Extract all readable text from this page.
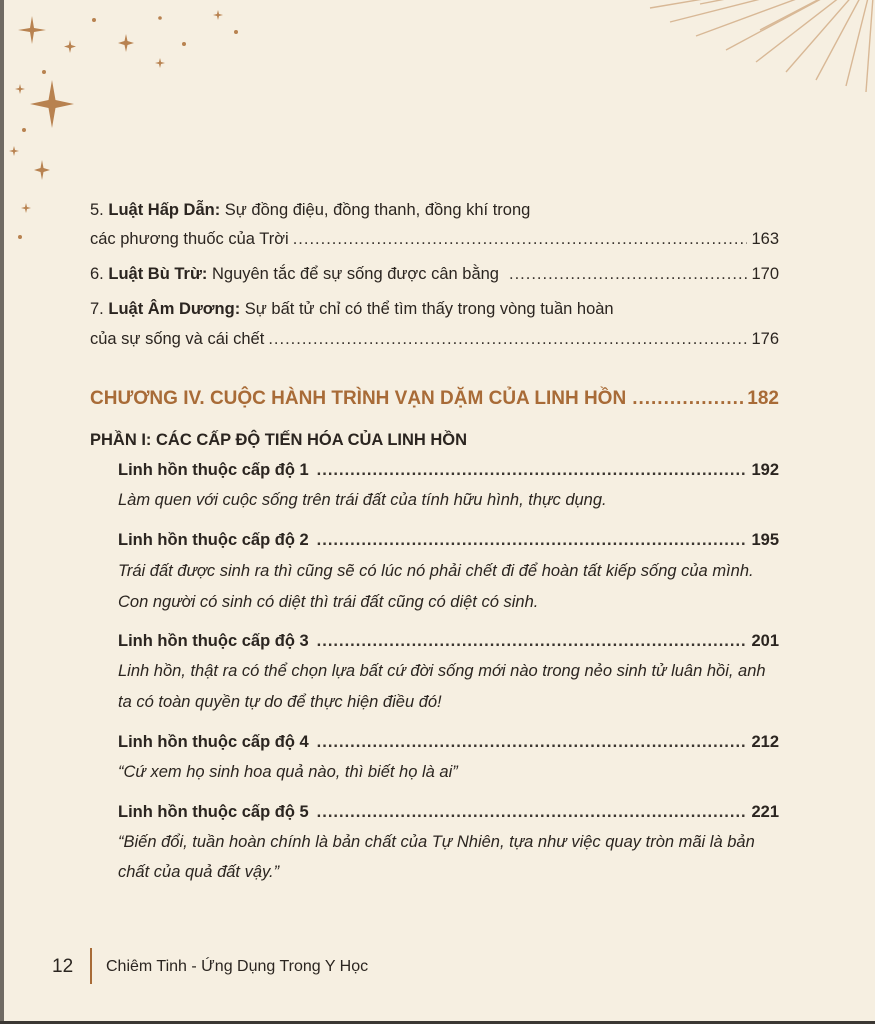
5. Luật Hấp Dẫn: Sự đồng điệu, đồng thanh, đồng khí trong
các phương thuốc của Trời .....	163
6. Luật Bù Trừ: Nguyên tắc để sự sống được cân bằng .....	170
7. Luật Âm Dương: Sự bất tử chỉ có thể tìm thấy trong vòng tuần hoàn
của sự sống và cái chết .....	176
CHƯƠNG IV. CUỘC HÀNH TRÌNH VẠN DẶM CỦA LINH HỒN .....	182
PHẦN I: CÁC CẤP ĐỘ TIẾN HÓA CỦA LINH HỒN
Linh hồn thuộc cấp độ 1 .....	192
Làm quen với cuộc sống trên trái đất của tính hữu hình, thực dụng.
Linh hồn thuộc cấp độ 2 .....	195
Trái đất được sinh ra thì cũng sẽ có lúc nó phải chết đi để hoàn tất kiếp sống của mình.
Con người có sinh có diệt thì trái đất cũng có diệt có sinh.
Linh hồn thuộc cấp độ 3 .....	201
Linh hồn, thật ra có thể chọn lựa bất cứ đời sống mới nào trong nẻo sinh tử luân hồi, anh
ta có toàn quyền tự do để thực hiện điều đó!
Linh hồn thuộc cấp độ 4 .....	212
“Cứ xem họ sinh hoa quả nào, thì biết họ là ai”
Linh hồn thuộc cấp độ 5 .....	221
“Biến đổi, tuần hoàn chính là bản chất của Tự Nhiên, tựa như việc quay tròn mãi là bản
chất của quả đất vậy.”
12 Chiêm Tinh - Ứng Dụng Trong Y Học
